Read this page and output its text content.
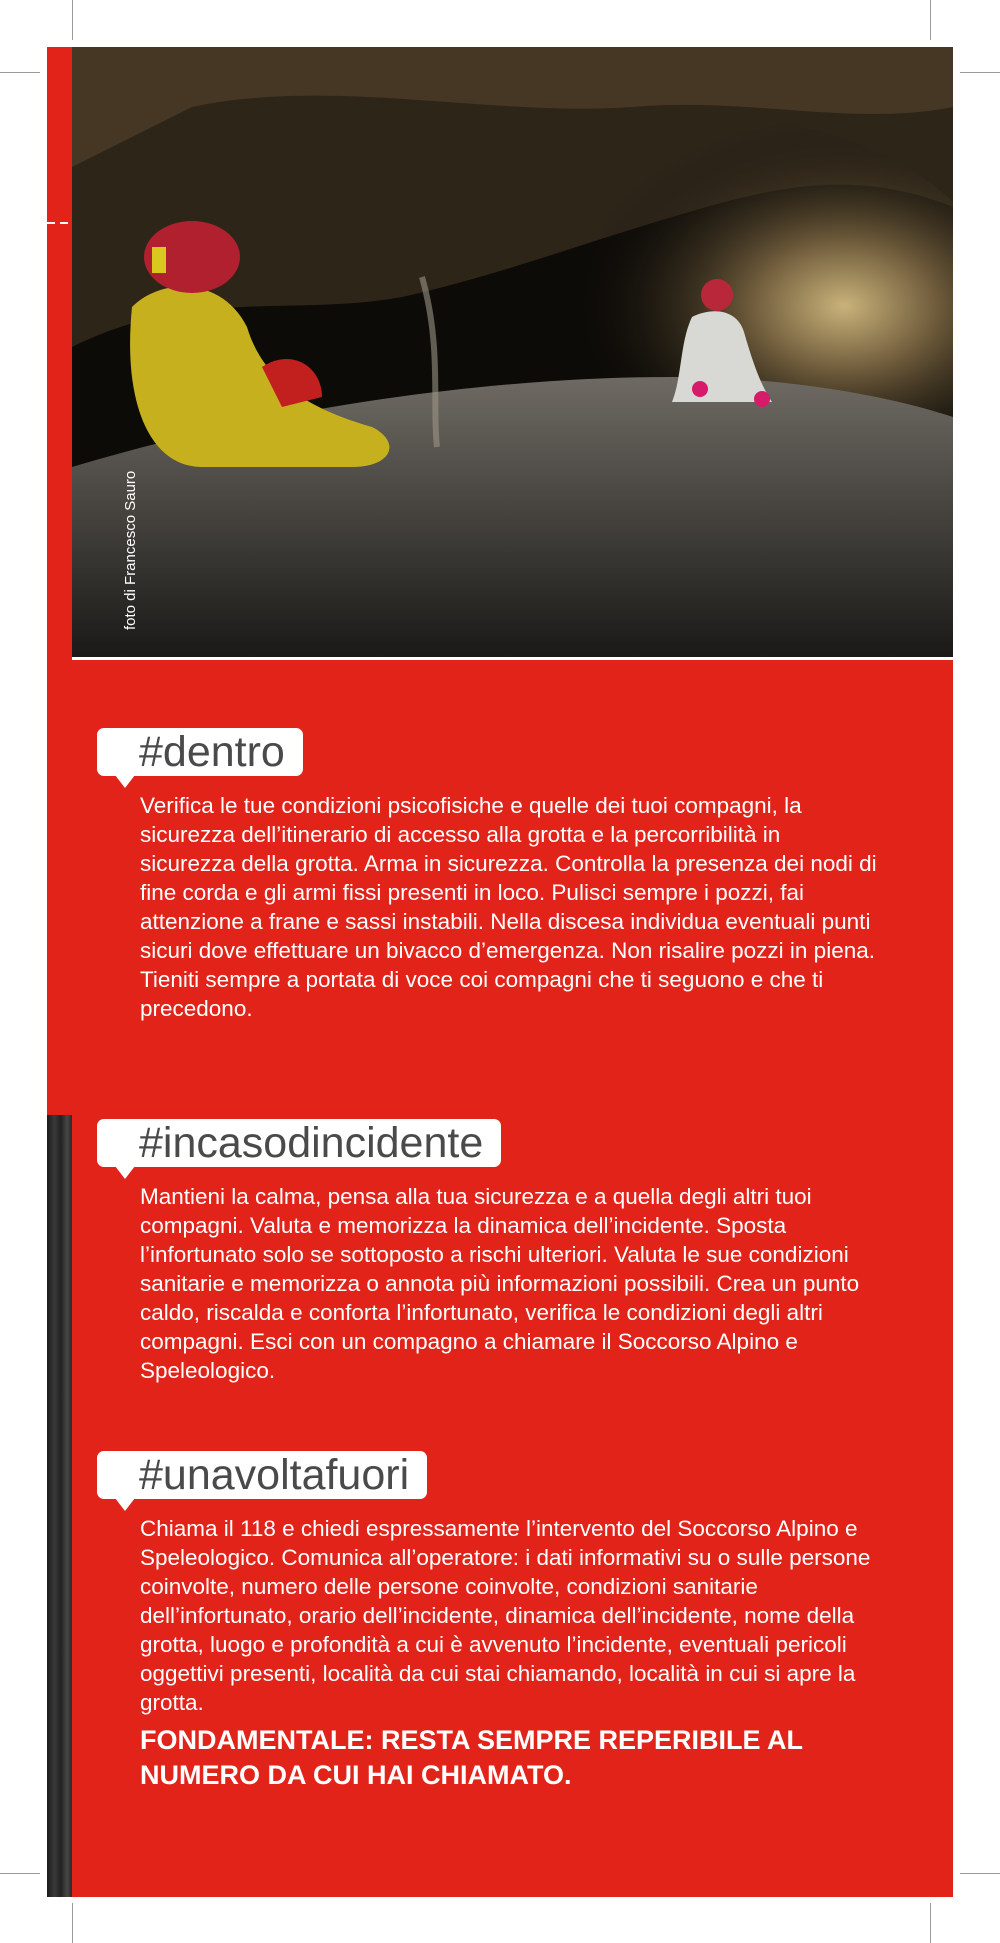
foto di Francesco Sauro
#dentro
Verifica le tue condizioni psicofisiche e quelle dei tuoi compagni, la sicurezza dell’itinerario di accesso alla grotta e la percorribilità in sicurezza della grotta. Arma in sicurezza. Controlla la presenza dei nodi di fine corda e gli armi fissi presenti in loco. Pulisci sempre i pozzi, fai attenzione a frane e sassi instabili. Nella discesa individua eventuali punti sicuri dove effettuare un bivacco d’emergenza. Non risalire pozzi in piena. Tieniti sempre a portata di voce coi compagni che ti seguono e che ti precedono.
#incasodincidente
Mantieni la calma, pensa alla tua sicurezza e a quella degli altri tuoi compagni. Valuta e memorizza la dinamica dell’incidente. Sposta l’infortunato solo se sottoposto a rischi ulteriori. Valuta le sue condizioni sanitarie e memorizza o annota più informazioni possibili. Crea un punto caldo, riscalda e conforta l’infortunato, verifica le condizioni degli altri compagni. Esci con un compagno a chiamare il Soccorso Alpino e Speleologico.
#unavoltafuori
Chiama il 118 e chiedi espressamente l’intervento del Soccorso Alpino e Speleologico. Comunica all’operatore: i dati informativi su o sulle persone coinvolte, numero delle persone coinvolte, condizioni sanitarie dell’infortunato, orario dell’incidente, dinamica dell’incidente, nome della grotta, luogo e profondità a cui è avvenuto l’incidente, eventuali pericoli oggettivi presenti, località da cui stai chiamando, località in cui si apre la grotta.
FONDAMENTALE: RESTA SEMPRE REPERIBILE AL NUMERO DA CUI HAI CHIAMATO.
